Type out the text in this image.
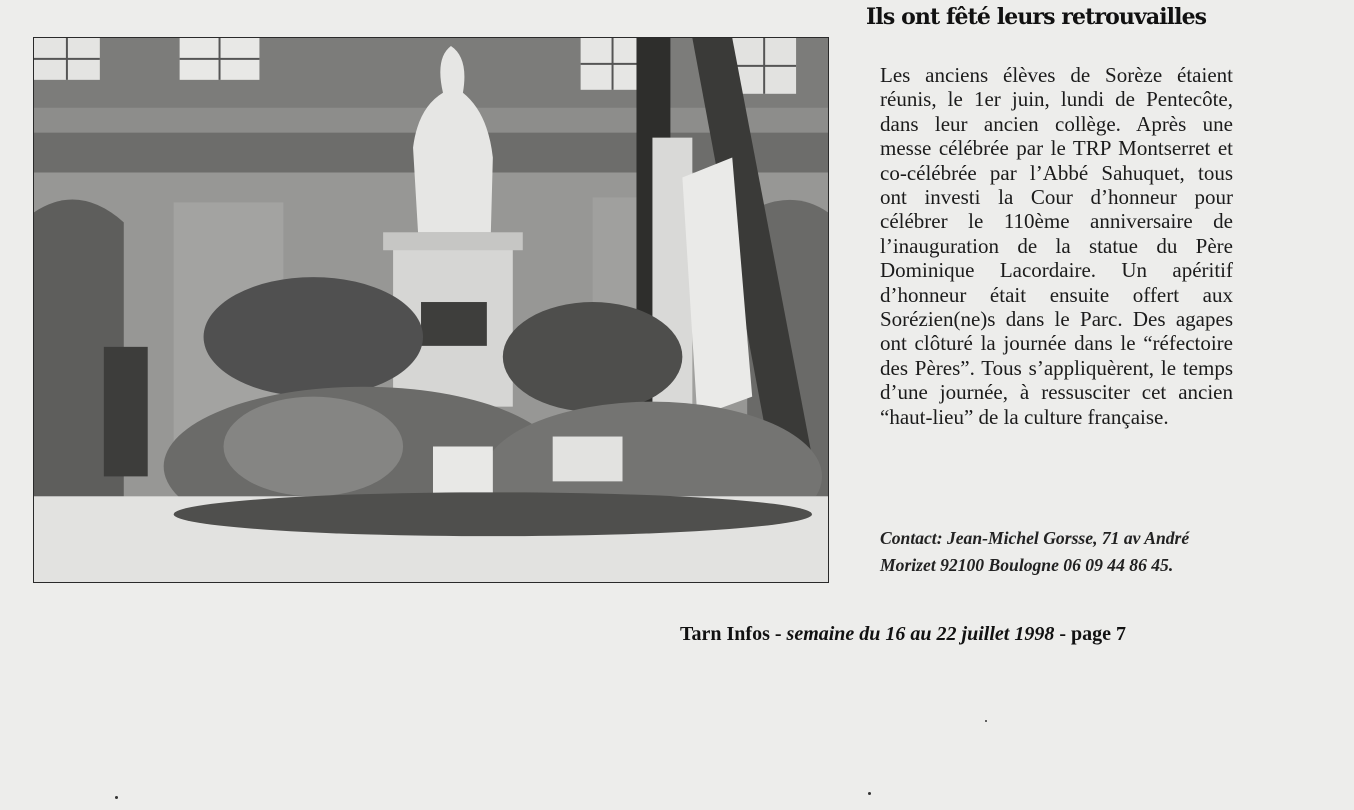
Ils ont fêté leurs retrouvailles

Les anciens élèves de Sorèze étaient réunis, le 1er juin, lundi de Pentecôte, dans leur ancien collège. Après une messe célébrée par le TRP Montserret et co-célébrée par l’Abbé Sahuquet, tous ont investi la Cour d’honneur pour célébrer le 110ème anniversaire de l’inauguration de la statue du Père Dominique Lacordaire. Un apéritif d’honneur était ensuite offert aux Sorézien(ne)s dans le Parc. Des agapes ont clôturé la journée dans le “réfectoire des Pères”. Tous s’appliquèrent, le temps d’une journée, à ressusciter cet ancien “haut-lieu” de la culture française.

Contact: Jean-Michel Gorsse, 71 av André Morizet 92100 Boulogne 06 09 44 86 45.

Tarn Infos - semaine du 16 au 22 juillet 1998 - page 7
